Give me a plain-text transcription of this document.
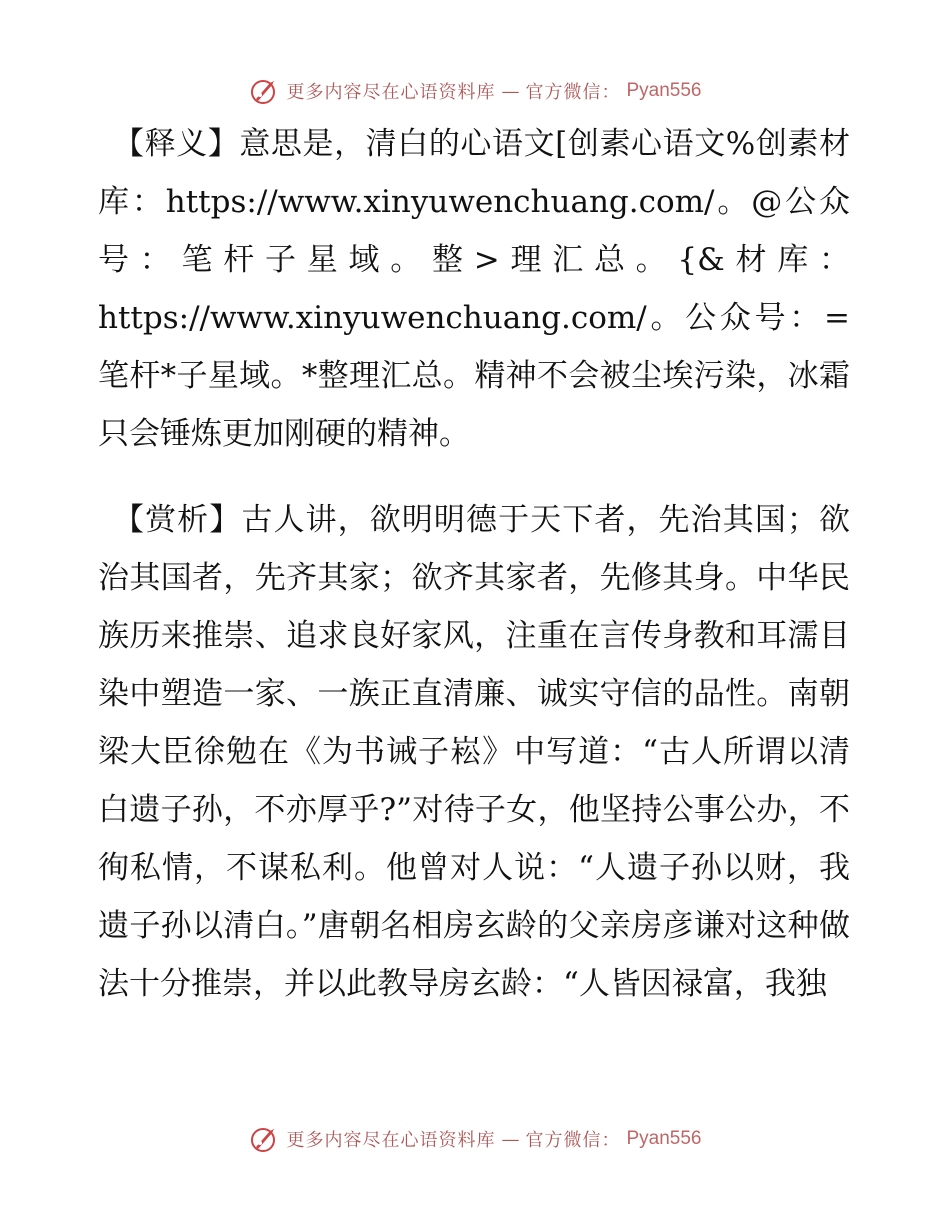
更多内容尽在心语资料库 — 官方微信： Pyan556

【释义】意思是，清白的心语文[创素心语文%创素材库：https://www.xinyuwenchuang.com/。@公众号：笔杆子星域。整>理汇总。{&材库：https://www.xinyuwenchuang.com/。公众号：=笔杆*子星域。*整理汇总。精神不会被尘埃污染，冰霜只会锤炼更加刚硬的精神。

【赏析】古人讲，欲明明德于天下者，先治其国；欲治其国者，先齐其家；欲齐其家者，先修其身。中华民族历来推崇、追求良好家风，注重在言传身教和耳濡目染中塑造一家、一族正直清廉、诚实守信的品性。南朝梁大臣徐勉在《为书诫子崧》中写道：“古人所谓以清白遗子孙，不亦厚乎?”对待子女，他坚持公事公办，不徇私情，不谋私利。他曾对人说：“人遗子孙以财，我遗子孙以清白。”唐朝名相房玄龄的父亲房彦谦对这种做法十分推崇，并以此教导房玄龄：“人皆因禄富，我独

更多内容尽在心语资料库 — 官方微信： Pyan556
